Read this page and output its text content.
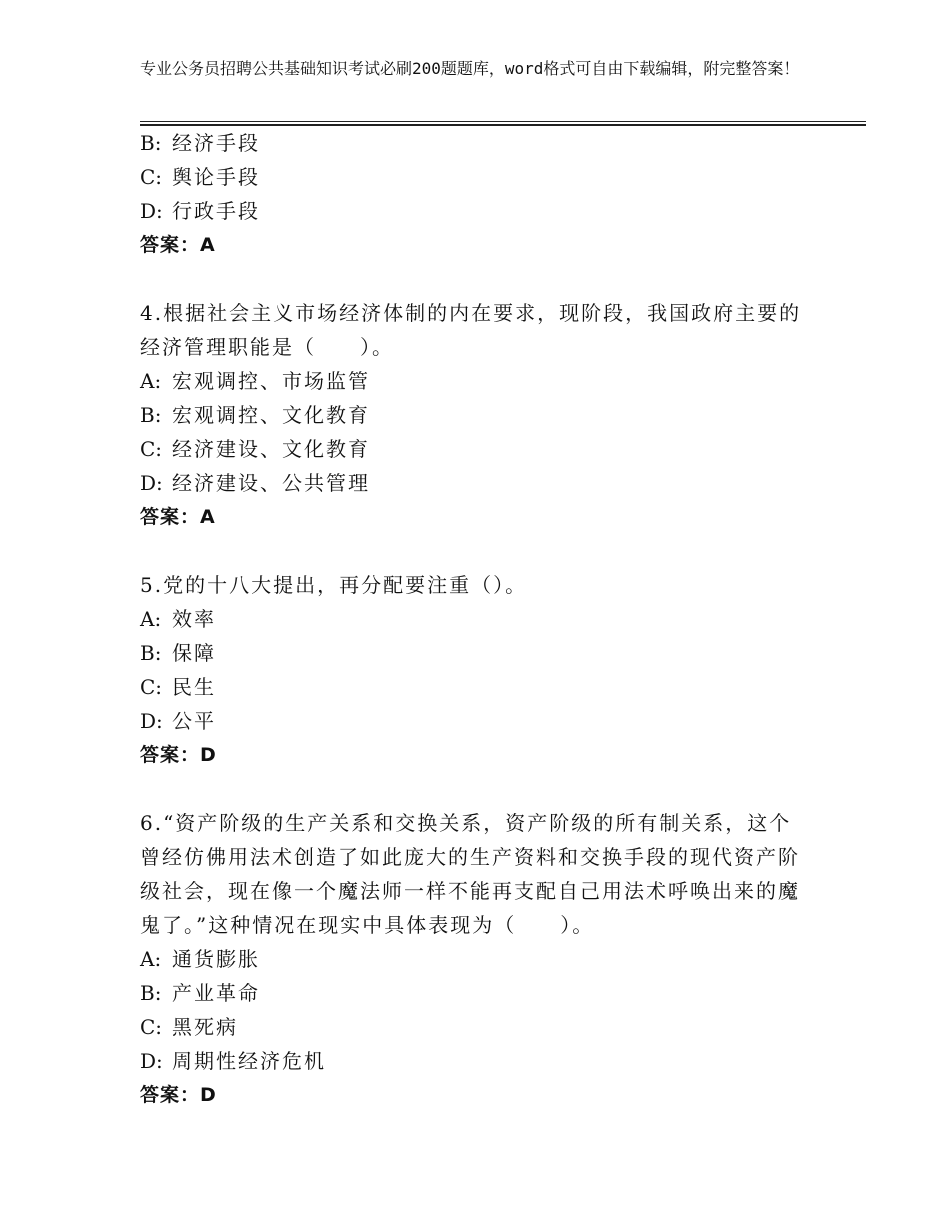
专业公务员招聘公共基础知识考试必刷200题题库，word格式可自由下载编辑，附完整答案！
B: 经济手段
C: 舆论手段
D: 行政手段
答案：A
4.根据社会主义市场经济体制的内在要求，现阶段，我国政府主要的经济管理职能是（　　）。
A: 宏观调控、市场监管
B: 宏观调控、文化教育
C: 经济建设、文化教育
D: 经济建设、公共管理
答案：A
5.党的十八大提出，再分配要注重（）。
A: 效率
B: 保障
C: 民生
D: 公平
答案：D
6.“资产阶级的生产关系和交换关系，资产阶级的所有制关系，这个曾经仿佛用法术创造了如此庞大的生产资料和交换手段的现代资产阶级社会，现在像一个魔法师一样不能再支配自己用法术呼唤出来的魔鬼了。”这种情况在现实中具体表现为（　　）。
A: 通货膨胀
B: 产业革命
C: 黑死病
D: 周期性经济危机
答案：D
